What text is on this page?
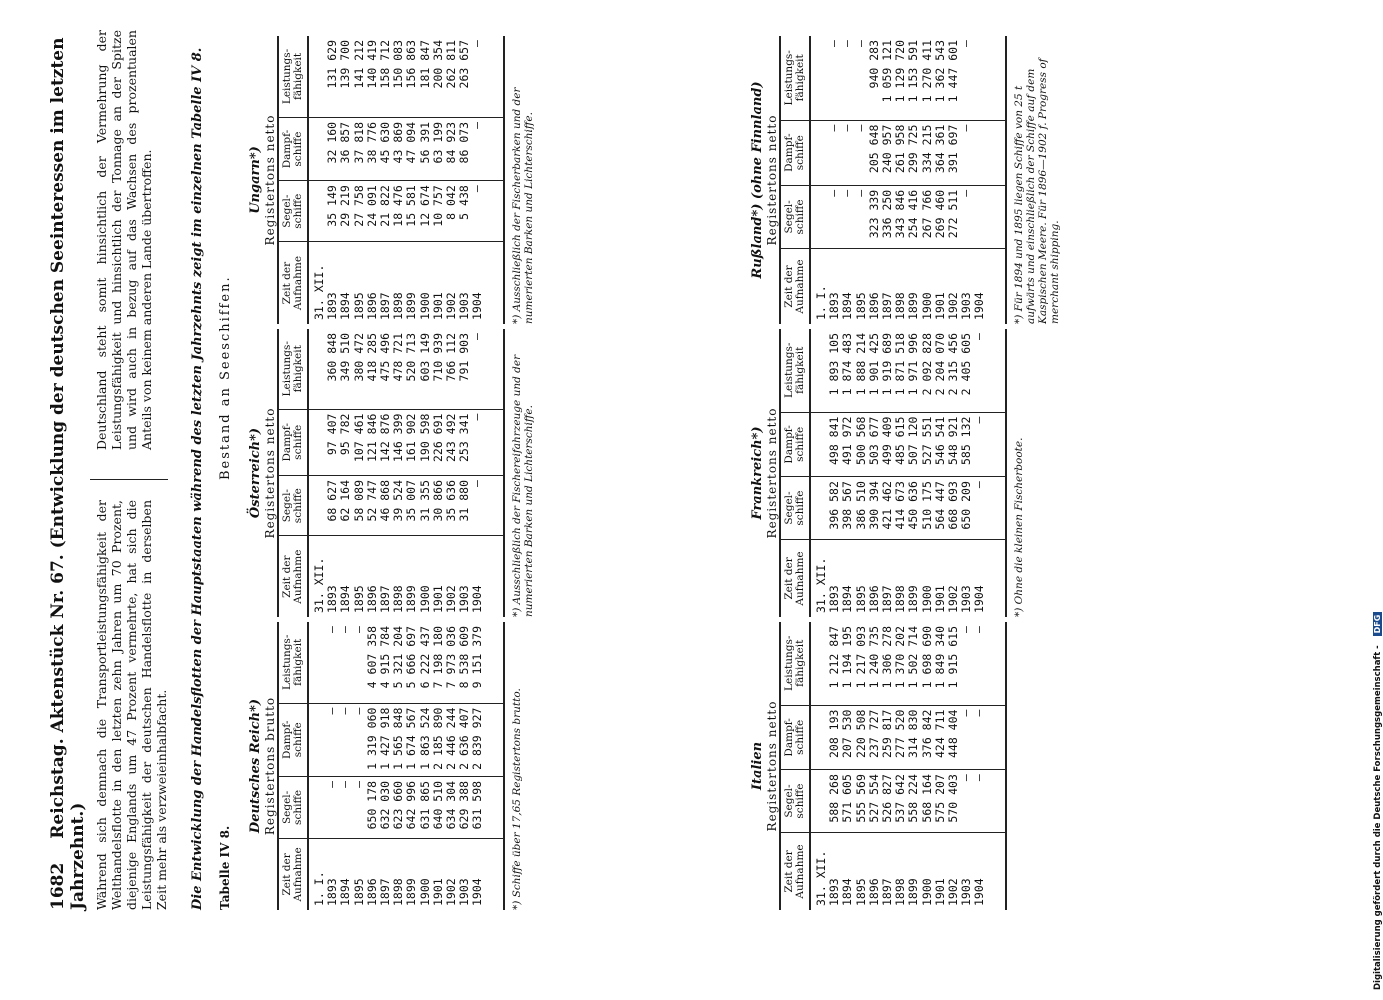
1682 Reichstag. Aktenstück Nr. 67. (Entwicklung der deutschen Seeinteressen im letzten Jahrzehnt.) Während sich demnach die Transportleistungsfähigkeit der Welthandelsflotte in den letzten zehn Jahren um 70 Prozent, diejenige Englands um 47 Prozent vermehrte, hat sich die Leistungsfähigkeit der deutschen Handelsflotte in derselben Zeit mehr als verzweieinhalbfacht.
Deutschland steht somit hinsichtlich der Vermehrung der Leistungsfähigkeit und hinsichtlich der Tonnage an der Spitze und wird auch in bezug auf das Wachsen des prozentualen Anteils von keinem anderen Lande übertroffen.	Die Entwicklung der Handelsflotten der Hauptstaaten während des letzten Jahrzehnts zeigt im einzelnen Tabelle IV 8. Tabelle IV 8.
Bestand an Seeschiffen.
Deutsches Reich*) Registertons brutto
Zeit der Aufnahme	Segel-schiffe	Dampf-schiffe	Leistungs-fähigkeit
1. I.			
1893	—	—	—
1894	—	—	—
1895	—	—	—
1896	650 178	1 319 060	4 607 358
1897	632 030	1 427 918	4 915 784
1898	623 660	1 565 848	5 321 204
1899	642 996	1 674 567	5 666 697
1900	631 865	1 863 524	6 222 437
1901	640 510	2 185 890	7 198 180
1902	634 304	2 446 244	7 973 036
1903	629 388	2 636 407	8 538 609
1904	631 598	2 839 927	9 151 379

*) Schiffe über 17,65 Registertons brutto.
Österreich*) Registertons netto
Zeit der Aufnahme	Segel-schiffe	Dampf-schiffe	Leistungs-fähigkeit
31. XII.			
1893	68 627	97 407	360 848
1894	62 164	95 782	349 510
1895	58 089	107 461	380 472
1896	52 747	121 846	418 285
1897	46 868	142 876	475 496
1898	39 524	146 399	478 721
1899	35 007	161 902	520 713
1900	31 355	190 598	603 149
1901	30 866	226 691	710 939
1902	35 636	243 492	766 112
1903	31 880	253 341	791 903
1904	—	—	—

*) Ausschließlich der Fischereifahrzeuge und der numerierten Barken und Lichterschiffe.
Ungarn*) Registertons netto
Zeit der Aufnahme	Segel-schiffe	Dampf-schiffe	Leistungs-fähigkeit
31. XII.			
1893	35 149	32 160	131 629
1894	29 219	36 857	139 700
1895	27 758	37 818	141 212
1896	24 091	38 776	140 419
1897	21 822	45 630	158 712
1898	18 476	43 869	150 083
1899	15 581	47 094	156 863
1900	12 674	56 391	181 847
1901	10 757	63 199	200 354
1902	8 042	84 923	262 811
1903	5 438	86 073	263 657
1904	—	—	—

*) Ausschließlich der Fischerbarken und der numerierten Barken und Lichterschiffe.
Italien Registertons netto
Zeit der Aufnahme	Segel-schiffe	Dampf-schiffe	Leistungs-fähigkeit
31. XII.			
1893	588 268	208 193	1 212 847
1894	571 605	207 530	1 194 195
1895	555 569	220 508	1 217 093
1896	527 554	237 727	1 240 735
1897	526 827	259 817	1 306 278
1898	537 642	277 520	1 370 202
1899	558 224	314 830	1 502 714
1900	568 164	376 842	1 698 690
1901	575 207	424 711	1 849 340
1902	570 403	448 404	1 915 615
1903	—	—	—
1904	—	—	—

Frankreich*) Registertons netto
Zeit der Aufnahme	Segel-schiffe	Dampf-schiffe	Leistungs-fähigkeit
31. XII.			
1893	396 582	498 841	1 893 105
1894	398 567	491 972	1 874 483
1895	386 510	500 568	1 888 214
1896	390 394	503 677	1 901 425
1897	421 462	499 409	1 919 689
1898	414 673	485 615	1 871 518
1899	450 636	507 120	1 971 996
1900	510 175	527 551	2 092 828
1901	564 447	546 541	2 204 070
1902	668 693	548 921	2 315 456
1903	650 209	585 132	2 405 605
1904	—	—	—

*) Ohne die kleinen Fischerboote.
Rußland*) (ohne Finnland) Registertons netto
Zeit der Aufnahme	Segel-schiffe	Dampf-schiffe	Leistungs-fähigkeit
1. I.			
1893	—	—	—
1894	—	—	—
1895	—	—	—
1896	323 339	205 648	940 283
1897	336 250	240 957	1 059 121
1898	343 846	261 958	1 129 720
1899	254 416	299 725	1 153 591
1900	267 766	334 215	1 270 411
1901	269 460	364 361	1 362 543
1902	272 511	391 697	1 447 601
1903	—	—	—
1904			
			*) Für 1894 und 1895 liegen Schiffe von 25 t aufwärts und einschließlich der Schiffe auf dem Kaspischen Meere. Für 1896—1902 f. Progress of merchant shipping.
Digitalisierung gefördert durch die Deutsche Forschungsgemeinschaft - DFG
